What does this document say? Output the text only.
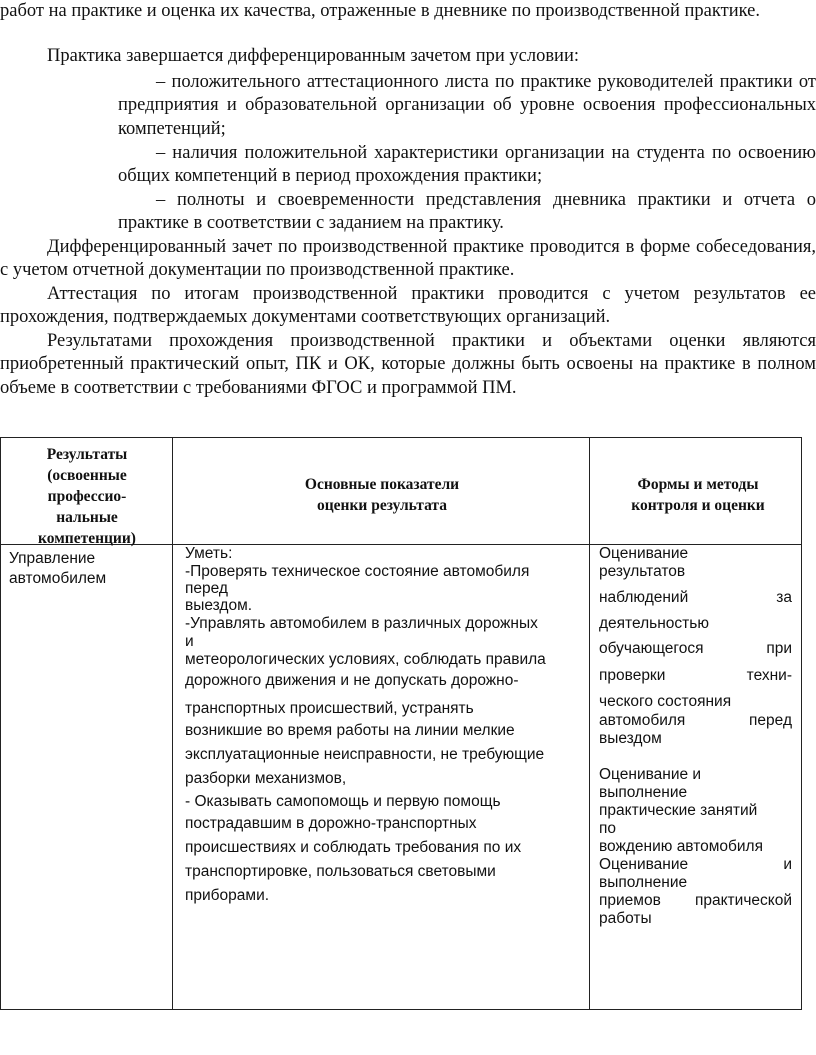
работ на практике и оценка их качества, отраженные в дневнике по производственной практике.

Практика завершается дифференцированным зачетом при условии:

– положительного аттестационного листа по практике руководителей практики от предприятия и образовательной организации об уровне освоения профессиональных компетенций;

– наличия положительной характеристики организации на студента по освоению общих компетенций в период прохождения практики;

– полноты и своевременности представления дневника практики и отчета о практике в соответствии с заданием на практику.

Дифференцированный зачет по производственной практике проводится в форме собеседования, с учетом отчетной документации по производственной практике.

Аттестация по итогам производственной практики проводится с учетом результатов ее прохождения, подтверждаемых документами соответствующих организаций.

Результатами прохождения производственной практики и объектами оценки являются приобретенный практический опыт, ПК и ОК, которые должны быть освоены на практике в полном объеме в соответствии с требованиями ФГОС и программой ПМ.

Результаты
(освоенные
профессио-
нальные
компетенции)
Основные показатели
оценки результата
Формы и методы
контроля и оценки
Управление автомобилем
Уметь:
-Проверять техническое состояние автомобиля
перед
выездом.
-Управлять автомобилем в различных дорожных
и
метеорологических условиях, соблюдать правила
дорожного движения и не допускать дорожно-
транспортных происшествий, устранять
возникшие во время работы на линии мелкие
эксплуатационные неисправности, не требующие
разборки механизмов,
- Оказывать самопомощь и первую помощь
пострадавшим в дорожно-транспортных
происшествиях и соблюдать требования по их
транспортировке, пользоваться световыми
приборами.
Оценивание
результатов
наблюдений за
деятельностью
обучающегося при
проверки техни-
ческого состояния
автомобиля перед
выездом
Оценивание и
выполнение
практические занятий
по
вождению автомобиля
Оценивание и
выполнение
приемов практической
работы
